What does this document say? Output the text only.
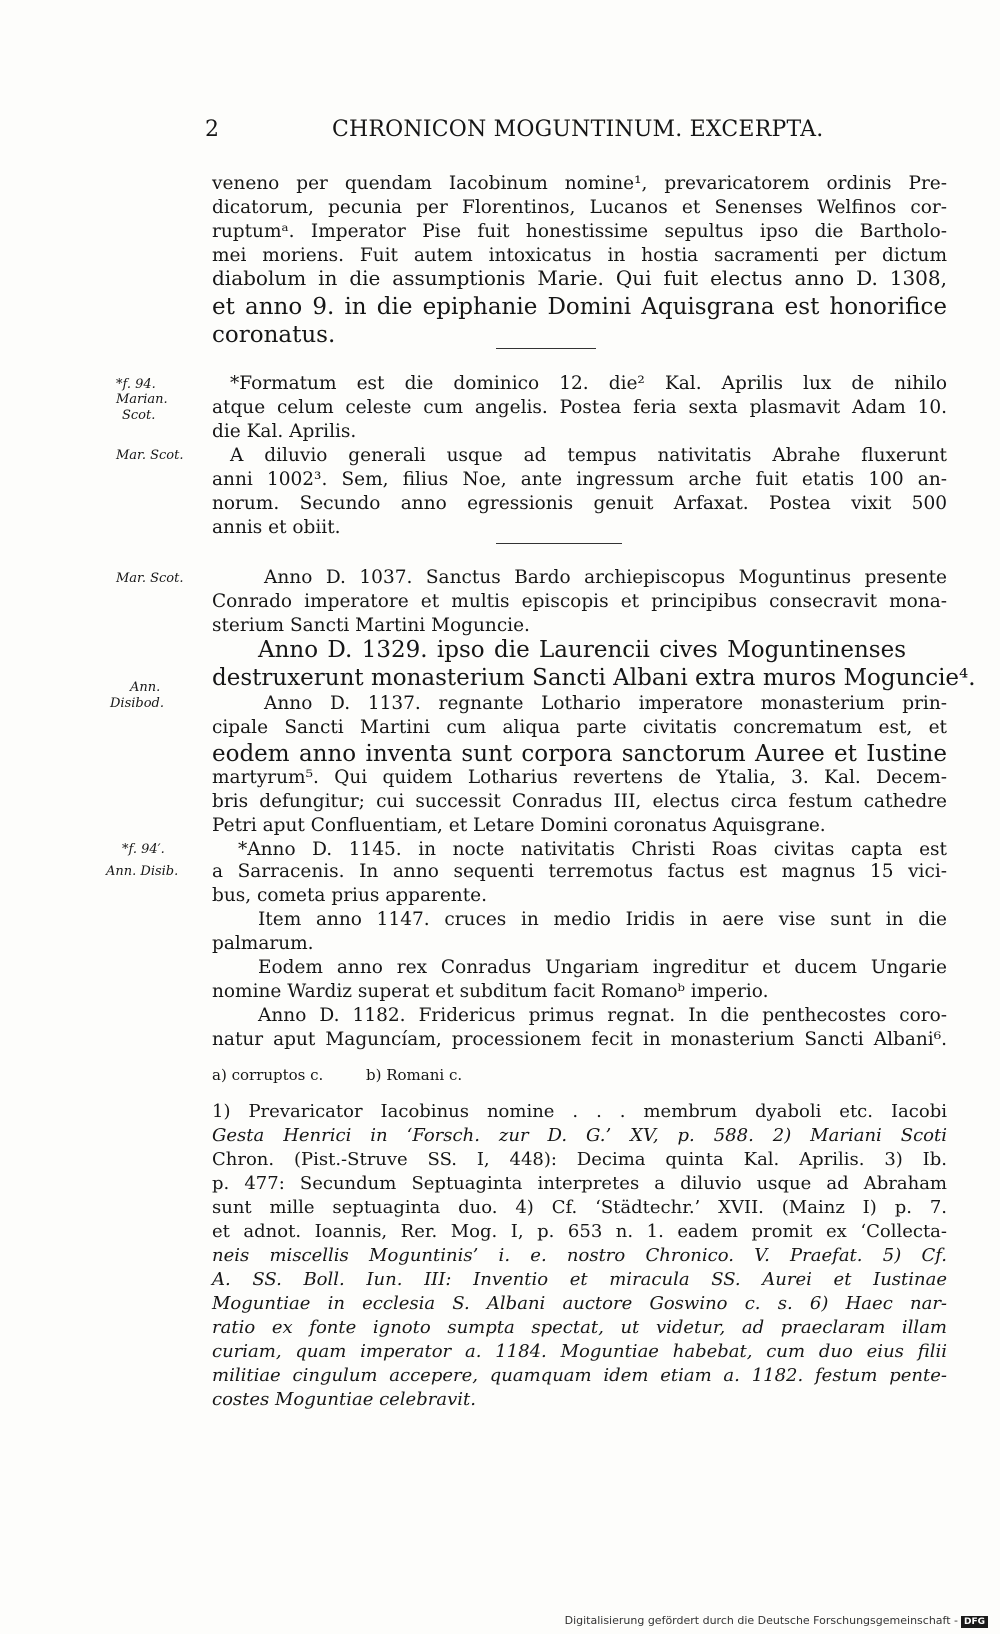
2	CHRONICON MOGUNTINUM. EXCERPTA.
veneno per quendam Iacobinum nomine¹, prevaricatorem ordinis Pre-
dicatorum, pecunia per Florentinos, Lucanos et Senenses Welfinos cor-
ruptumᵃ. Imperator Pise fuit honestissime sepultus ipso die Bartholo-
mei moriens. Fuit autem intoxicatus in hostia sacramenti per dictum
diabolum in die assumptionis Marie. Qui fuit electus anno D. 1308,
et anno 9. in die epiphanie Domini Aquisgrana est honorifice
coronatus.
*f. 94.
Marian.
Scot.
*Formatum est die dominico 12. die² Kal. Aprilis lux de nihilo
atque celum celeste cum angelis. Postea feria sexta plasmavit Adam 10.
die Kal. Aprilis.
Mar. Scot.	A diluvio generali usque ad tempus nativitatis Abrahe fluxerunt
anni 1002³. Sem, filius Noe, ante ingressum arche fuit etatis 100 an-
norum. Secundo anno egressionis genuit Arfaxat. Postea vixit 500
annis et obiit.
Mar. Scot.	Anno D. 1037. Sanctus Bardo archiepiscopus Moguntinus presente
Conrado imperatore et multis episcopis et principibus consecravit mona-
sterium Sancti Martini Moguncie.
Anno D. 1329. ipso die Laurencii cives Moguntinenses
destruxerunt monasterium Sancti Albani extra muros Moguncie⁴.
Ann.
Disibod.	Anno D. 1137. regnante Lothario imperatore monasterium prin-
cipale Sancti Martini cum aliqua parte civitatis concrematum est, et
eodem anno inventa sunt corpora sanctorum Auree et Iustine
martyrum⁵. Qui quidem Lotharius revertens de Ytalia, 3. Kal. Decem-
bris defungitur; cui successit Conradus III, electus circa festum cathedre
Petri aput Confluentiam, et Letare Domini coronatus Aquisgrane.
*f. 94′.	*Anno D. 1145. in nocte nativitatis Christi Roas civitas capta est
Ann. Disib. a Sarracenis. In anno sequenti terremotus factus est magnus 15 vici-
bus, cometa prius apparente.
Item anno 1147. cruces in medio Iridis in aere vise sunt in die
palmarum.
Eodem anno rex Conradus Ungariam ingreditur et ducem Ungarie
nomine Wardiz superat et subditum facit Romanoᵇ imperio.
Anno D. 1182. Fridericus primus regnat. In die penthecostes coro-
natur aput Maguncíam, processionem fecit in monasterium Sancti Albani⁶.
a) corruptos c.	b) Romani c.
1) Prevaricator Iacobinus nomine . . . membrum dyaboli etc. Iacobi
Gesta Henrici in ‘Forsch. zur D. G.’ XV, p. 588. 2) Mariani Scoti
Chron. (Pist.-Struve SS. I, 448): Decima quinta Kal. Aprilis. 3) Ib.
p. 477: Secundum Septuaginta interpretes a diluvio usque ad Abraham
sunt mille septuaginta duo. 4) Cf. ‘Städtechr.’ XVII. (Mainz I) p. 7.
et adnot. Ioannis, Rer. Mog. I, p. 653 n. 1. eadem promit ex ‘Collecta-
neis miscellis Moguntinis’ i. e. nostro Chronico. V. Praefat. 5) Cf.
A. SS. Boll. Iun. III: Inventio et miracula SS. Aurei et Iustinae
Moguntiae in ecclesia S. Albani auctore Goswino c. s. 6) Haec nar-
ratio ex fonte ignoto sumpta spectat, ut videtur, ad praeclaram illam
curiam, quam imperator a. 1184. Moguntiae habebat, cum duo eius filii
militiae cingulum accepere, quamquam idem etiam a. 1182. festum pente-
costes Moguntiae celebravit.
Digitalisierung gefördert durch die Deutsche Forschungsgemeinschaft - DFG
